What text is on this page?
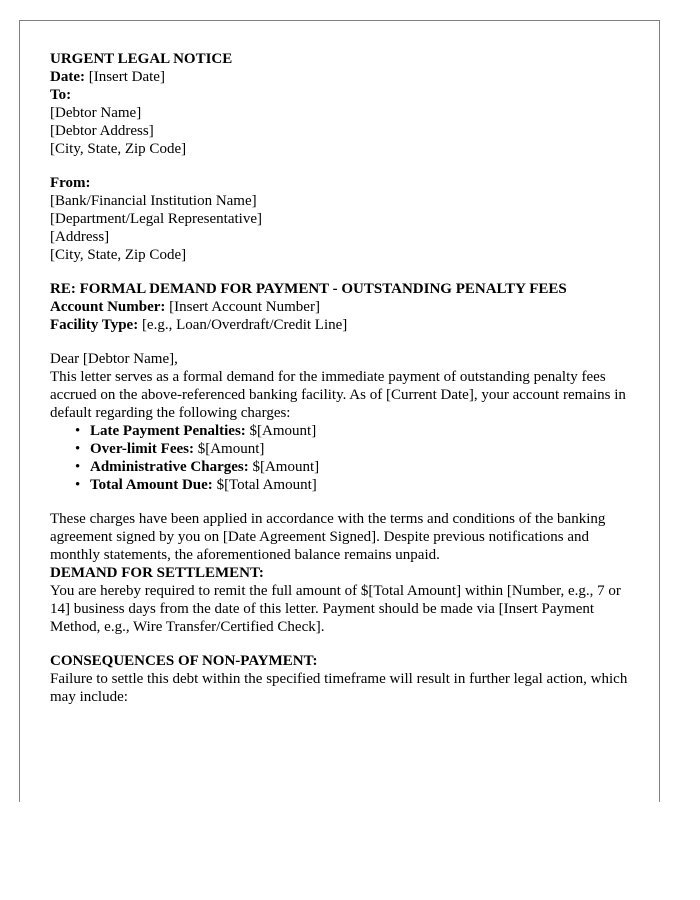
URGENT LEGAL NOTICE

Date: [Insert Date]

To:
[Debtor Name]
[Debtor Address]
[City, State, Zip Code]
From:
[Bank/Financial Institution Name]
[Department/Legal Representative]
[Address]
[City, State, Zip Code]

RE: FORMAL DEMAND FOR PAYMENT - OUTSTANDING PENALTY FEES

Account Number: [Insert Account Number]
Facility Type: [e.g., Loan/Overdraft/Credit Line]

Dear [Debtor Name],

This letter serves as a formal demand for the immediate payment of outstanding penalty fees accrued on the above-referenced banking facility. As of [Current Date], your account remains in default regarding the following charges:

• Late Payment Penalties: $[Amount]
• Over-limit Fees: $[Amount]
• Administrative Charges: $[Amount]
• Total Amount Due: $[Total Amount]

These charges have been applied in accordance with the terms and conditions of the banking agreement signed by you on [Date Agreement Signed]. Despite previous notifications and monthly statements, the aforementioned balance remains unpaid.

DEMAND FOR SETTLEMENT:
You are hereby required to remit the full amount of $[Total Amount] within [Number, e.g., 7 or 14] business days from the date of this letter. Payment should be made via [Insert Payment Method, e.g., Wire Transfer/Certified Check].
CONSEQUENCES OF NON-PAYMENT:
Failure to settle this debt within the specified timeframe will result in further legal action, which may include:
